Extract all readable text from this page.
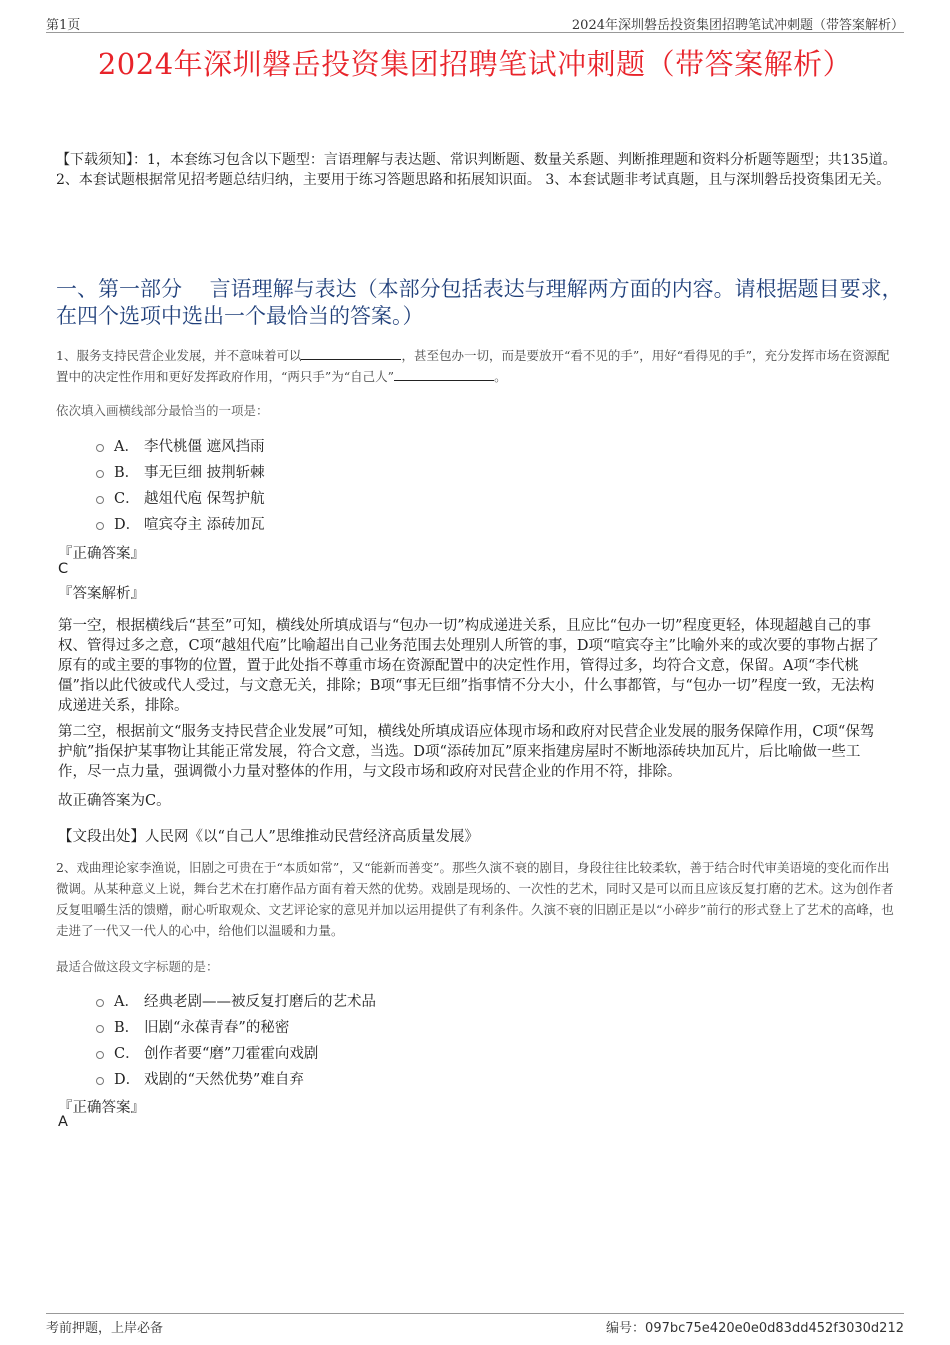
第1页	2024年深圳磐岳投资集团招聘笔试冲刺题（带答案解析）
2024年深圳磐岳投资集团招聘笔试冲刺题（带答案解析）
【下载须知】：1，本套练习包含以下题型：言语理解与表达题、常识判断题、数量关系题、判断推理题和资料分析题等题型；共135道。 2、本套试题根据常见招考题总结归纳，主要用于练习答题思路和拓展知识面。 3、本套试题非考试真题，且与深圳磐岳投资集团无关。
一、第一部分　 言语理解与表达（本部分包括表达与理解两方面的内容。请根据题目要求，在四个选项中选出一个最恰当的答案。）
1、服务支持民营企业发展，并不意味着可以	，甚至包办一切，而是要放开“看不见的手”，用好“看得见的手”，充分发挥市场在资源配置中的决定性作用和更好发挥政府作用，“两只手”为“自己人”	。
依次填入画横线部分最恰当的一项是：
A． 李代桃僵 遮风挡雨
B． 事无巨细 披荆斩棘
C． 越俎代庖 保驾护航
D． 喧宾夺主 添砖加瓦
『正确答案』
C
『答案解析』
第一空，根据横线后“甚至”可知，横线处所填成语与“包办一切”构成递进关系，且应比“包办一切”程度更轻，体现超越自己的事权、管得过多之意，C项“越俎代庖”比喻超出自己业务范围去处理别人所管的事，D项“喧宾夺主”比喻外来的或次要的事物占据了原有的或主要的事物的位置，置于此处指不尊重市场在资源配置中的决定性作用，管得过多，均符合文意，保留。A项“李代桃僵”指以此代彼或代人受过，与文意无关，排除；B项“事无巨细”指事情不分大小，什么事都管，与“包办一切”程度一致，无法构成递进关系，排除。
第二空，根据前文“服务支持民营企业发展”可知，横线处所填成语应体现市场和政府对民营企业发展的服务保障作用，C项“保驾护航”指保护某事物让其能正常发展，符合文意，当选。D项“添砖加瓦”原来指建房屋时不断地添砖块加瓦片，后比喻做一些工作，尽一点力量，强调微小力量对整体的作用，与文段市场和政府对民营企业的作用不符，排除。
故正确答案为C。
【文段出处】人民网《以“自己人”思维推动民营经济高质量发展》
2、戏曲理论家李渔说，旧剧之可贵在于“本质如常”，又“能新而善变”。那些久演不衰的剧目，身段往往比较柔软，善于结合时代审美语境的变化而作出微调。从某种意义上说，舞台艺术在打磨作品方面有着天然的优势。戏剧是现场的、一次性的艺术，同时又是可以而且应该反复打磨的艺术。这为创作者反复咀嚼生活的馈赠，耐心听取观众、文艺评论家的意见并加以运用提供了有利条件。久演不衰的旧剧正是以“小碎步”前行的形式登上了艺术的高峰，也走进了一代又一代人的心中，给他们以温暖和力量。
最适合做这段文字标题的是：
A． 经典老剧——被反复打磨后的艺术品
B． 旧剧“永葆青春”的秘密
C． 创作者要“磨”刀霍霍向戏剧
D． 戏剧的“天然优势”难自弃
『正确答案』
A
考前押题，上岸必备	编号：097bc75e420e0e0d83dd452f3030d212
